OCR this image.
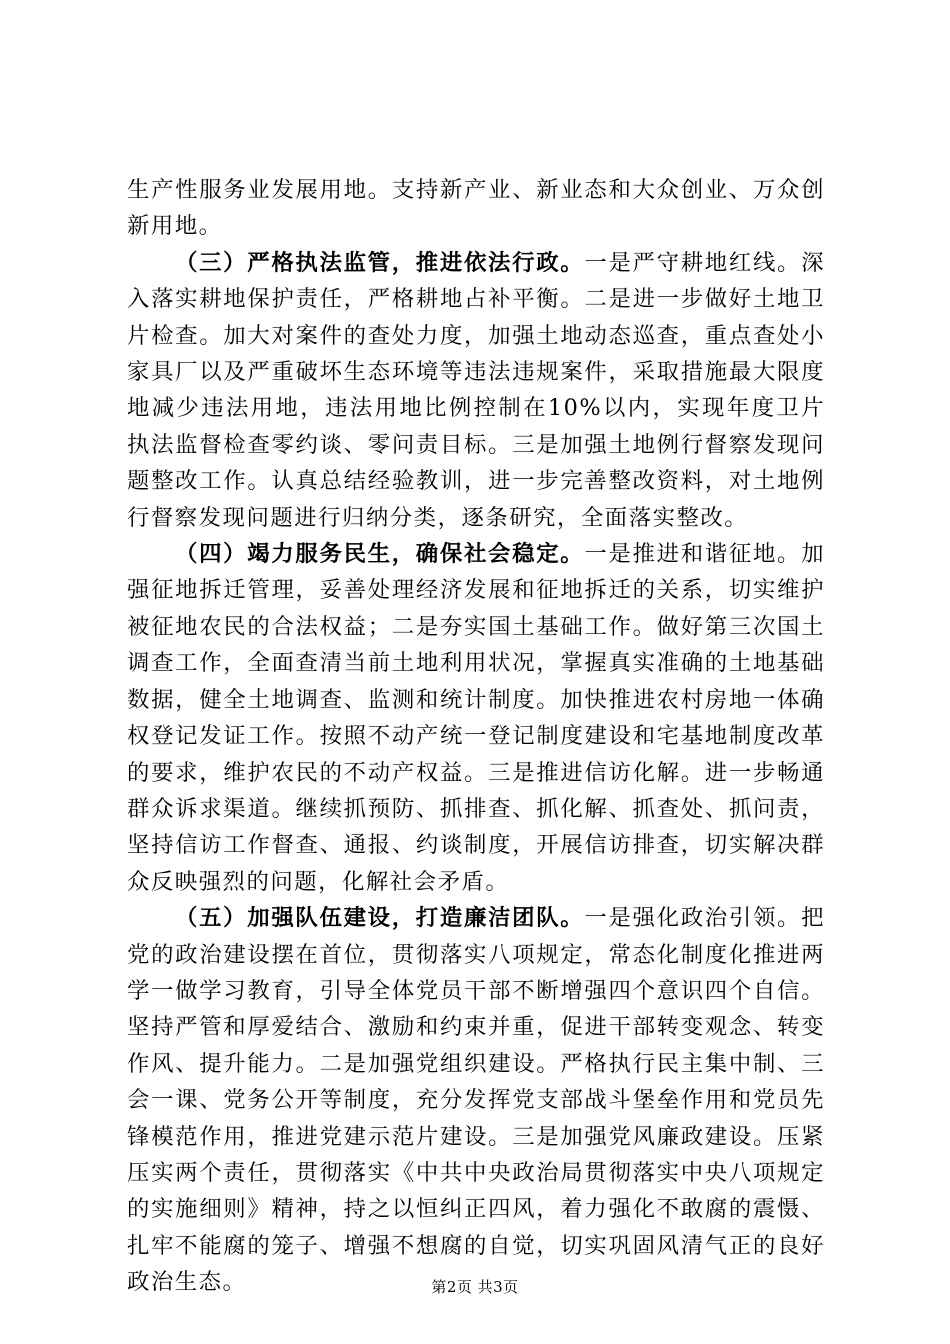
生产性服务业发展用地。支持新产业、新业态和大众创业、万众创新用地。

（三）严格执法监管，推进依法行政。一是严守耕地红线。深入落实耕地保护责任，严格耕地占补平衡。二是进一步做好土地卫片检查。加大对案件的查处力度，加强土地动态巡查，重点查处小家具厂以及严重破坏生态环境等违法违规案件，采取措施最大限度地减少违法用地，违法用地比例控制在10%以内，实现年度卫片执法监督检查零约谈、零问责目标。三是加强土地例行督察发现问题整改工作。认真总结经验教训，进一步完善整改资料，对土地例行督察发现问题进行归纳分类，逐条研究，全面落实整改。

（四）竭力服务民生，确保社会稳定。一是推进和谐征地。加强征地拆迁管理，妥善处理经济发展和征地拆迁的关系，切实维护被征地农民的合法权益；二是夯实国土基础工作。做好第三次国土调查工作，全面查清当前土地利用状况，掌握真实准确的土地基础数据，健全土地调查、监测和统计制度。加快推进农村房地一体确权登记发证工作。按照不动产统一登记制度建设和宅基地制度改革的要求，维护农民的不动产权益。三是推进信访化解。进一步畅通群众诉求渠道。继续抓预防、抓排查、抓化解、抓查处、抓问责，坚持信访工作督查、通报、约谈制度，开展信访排查，切实解决群众反映强烈的问题，化解社会矛盾。

（五）加强队伍建设，打造廉洁团队。一是强化政治引领。把党的政治建设摆在首位，贯彻落实八项规定，常态化制度化推进两学一做学习教育，引导全体党员干部不断增强四个意识四个自信。坚持严管和厚爱结合、激励和约束并重，促进干部转变观念、转变作风、提升能力。二是加强党组织建设。严格执行民主集中制、三会一课、党务公开等制度，充分发挥党支部战斗堡垒作用和党员先锋模范作用，推进党建示范片建设。三是加强党风廉政建设。压紧压实两个责任，贯彻落实《中共中央政治局贯彻落实中央八项规定的实施细则》精神，持之以恒纠正四风，着力强化不敢腐的震慑、扎牢不能腐的笼子、增强不想腐的自觉，切实巩固风清气正的良好政治生态。	第2页 共3页
